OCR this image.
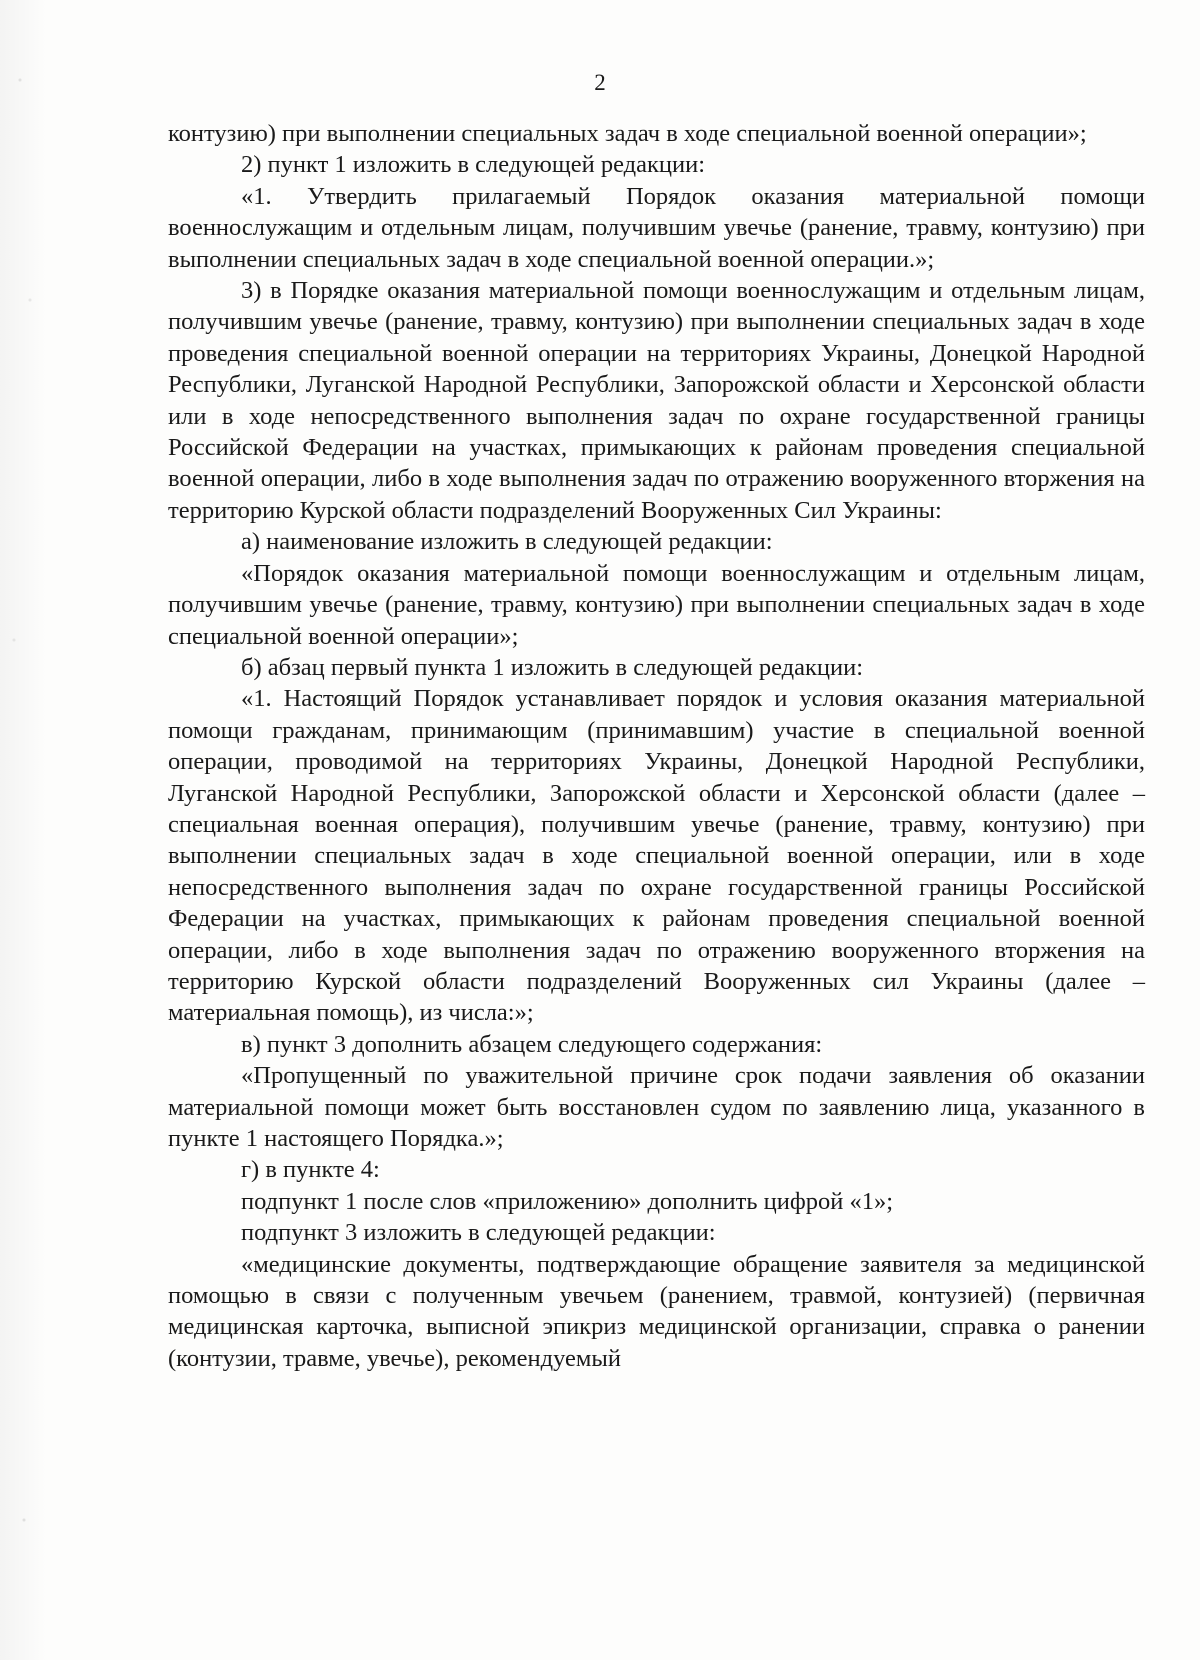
2

контузию) при выполнении специальных задач в ходе специальной военной операции»;

2) пункт 1 изложить в следующей редакции:

«1. Утвердить прилагаемый Порядок оказания материальной помощи военнослужащим и отдельным лицам, получившим увечье (ранение, травму, контузию) при выполнении специальных задач в ходе специальной военной операции.»;

3) в Порядке оказания материальной помощи военнослужащим и отдельным лицам, получившим увечье (ранение, травму, контузию) при выполнении специальных задач в ходе проведения специальной военной операции на территориях Украины, Донецкой Народной Республики, Луганской Народной Республики, Запорожской области и Херсонской области или в ходе непосредственного выполнения задач по охране государственной границы Российской Федерации на участках, примыкающих к районам проведения специальной военной операции, либо в ходе выполнения задач по отражению вооруженного вторжения на территорию Курской области подразделений Вооруженных Сил Украины:

а) наименование изложить в следующей редакции:

«Порядок оказания материальной помощи военнослужащим и отдельным лицам, получившим увечье (ранение, травму, контузию) при выполнении специальных задач в ходе специальной военной операции»;

б) абзац первый пункта 1 изложить в следующей редакции:

«1. Настоящий Порядок устанавливает порядок и условия оказания материальной помощи гражданам, принимающим (принимавшим) участие в специальной военной операции, проводимой на территориях Украины, Донецкой Народной Республики, Луганской Народной Республики, Запорожской области и Херсонской области (далее – специальная военная операция), получившим увечье (ранение, травму, контузию) при выполнении специальных задач в ходе специальной военной операции, или в ходе непосредственного выполнения задач по охране государственной границы Российской Федерации на участках, примыкающих к районам проведения специальной военной операции, либо в ходе выполнения задач по отражению вооруженного вторжения на территорию Курской области подразделений Вооруженных сил Украины (далее – материальная помощь), из числа:»;

в) пункт 3 дополнить абзацем следующего содержания:

«Пропущенный по уважительной причине срок подачи заявления об оказании материальной помощи может быть восстановлен судом по заявлению лица, указанного в пункте 1 настоящего Порядка.»;

г) в пункте 4:

подпункт 1 после слов «приложению» дополнить цифрой «1»;

подпункт 3 изложить в следующей редакции:

«медицинские документы, подтверждающие обращение заявителя за медицинской помощью в связи с полученным увечьем (ранением, травмой, контузией) (первичная медицинская карточка, выписной эпикриз медицинской организации, справка о ранении (контузии, травме, увечье), рекомендуемый
